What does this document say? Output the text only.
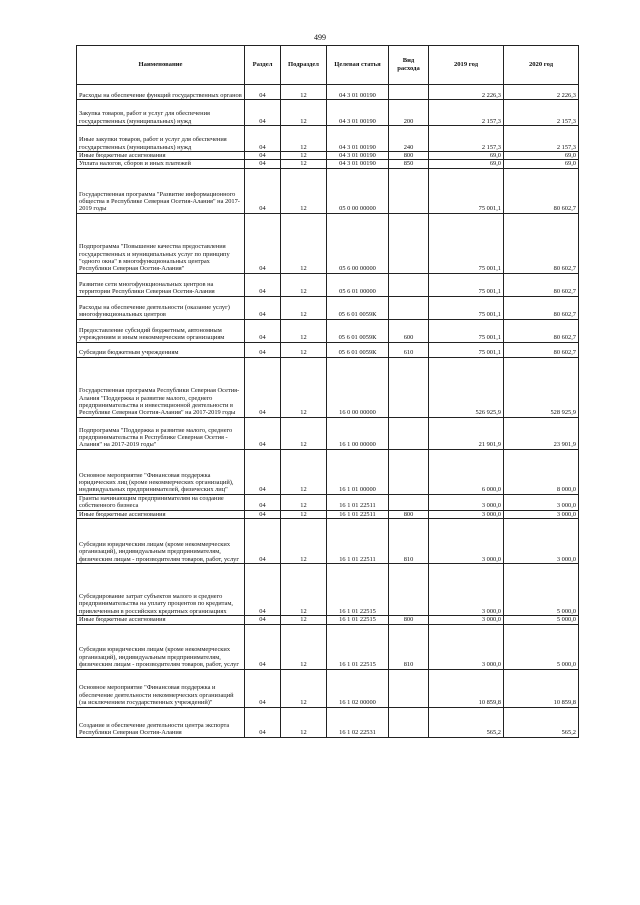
499
Наименование	Раздел	Подраздел	Целевая статья	Вид расхода	2019 год	2020 год
Расходы на обеспечение функций государственных органов	04	12	04 3 01 00190		2 226,3	2 226,3
Закупка товаров, работ и услуг для обеспечения государственных (муниципальных) нужд	04	12	04 3 01 00190	200	2 157,3	2 157,3
Иные закупки товаров, работ и услуг для обеспечения государственных (муниципальных) нужд	04	12	04 3 01 00190	240	2 157,3	2 157,3
Иные бюджетные ассигнования	04	12	04 3 01 00190	800	69,0	69,0
Уплата налогов, сборов и иных платежей	04	12	04 3 01 00190	850	69,0	69,0
Государственная программа "Развитие информационного общества в Республике Северная Осетия-Алания" на 2017-2019 годы	04	12	05 0 00 00000		75 001,1	80 602,7
Подпрограмма "Повышение качества предоставления государственных и муниципальных услуг по принципу "одного окна" в многофункциональных центрах Республики Северная Осетия-Алания"	04	12	05 6 00 00000		75 001,1	80 602,7
Развитие сети многофункциональных центров на территории Республики Северная Осетия-Алания	04	12	05 6 01 00000		75 001,1	80 602,7
Расходы на обеспечение деятельности (оказание услуг) многофункциональных центров	04	12	05 6 01 0059К		75 001,1	80 602,7
Предоставление субсидий бюджетным, автономным учреждениям и иным некоммерческим организациям	04	12	05 6 01 0059К	600	75 001,1	80 602,7
Субсидии бюджетным учреждениям	04	12	05 6 01 0059К	610	75 001,1	80 602,7
Государственная программа Республики Северная Осетия-Алания "Поддержка и развитие малого, среднего предпринимательства и инвестиционной деятельности в Республике Северная Осетия-Алания" на 2017-2019 годы	04	12	16 0 00 00000		526 925,9	528 925,9
Подпрограмма "Поддержка и развитие малого, среднего предпринимательства в Республике Северная Осетия - Алания" на 2017-2019 годы"	04	12	16 1 00 00000		21 901,9	23 901,9
Основное мероприятие "Финансовая поддержка юридических лиц (кроме некоммерческих организаций), индивидуальных предпринимателей, физических лиц"	04	12	16 1 01 00000		6 000,0	8 000,0
Гранты начинающим предпринимателям на создание собственного бизнеса	04	12	16 1 01 22511		3 000,0	3 000,0
Иные бюджетные ассигнования	04	12	16 1 01 22511	800	3 000,0	3 000,0
Субсидии юридическим лицам (кроме некоммерческих организаций), индивидуальным предпринимателям, физическим лицам - производителям товаров, работ, услуг	04	12	16 1 01 22511	810	3 000,0	3 000,0
Субсидирование затрат субъектов малого и среднего предпринимательства на уплату процентов по кредитам, привлеченным в российских кредитных организациях	04	12	16 1 01 22515		3 000,0	5 000,0
Иные бюджетные ассигнования	04	12	16 1 01 22515	800	3 000,0	5 000,0
Субсидии юридическим лицам (кроме некоммерческих организаций), индивидуальным предпринимателям, физическим лицам - производителям товаров, работ, услуг	04	12	16 1 01 22515	810	3 000,0	5 000,0
Основное мероприятие "Финансовая поддержка и обеспечение деятельности некоммерческих организаций (за исключением государственных учреждений)"	04	12	16 1 02 00000		10 859,8	10 859,8
Создание и обеспечение деятельности центра экспорта Республики Северная Осетия-Алания	04	12	16 1 02 22531		565,2	565,2
